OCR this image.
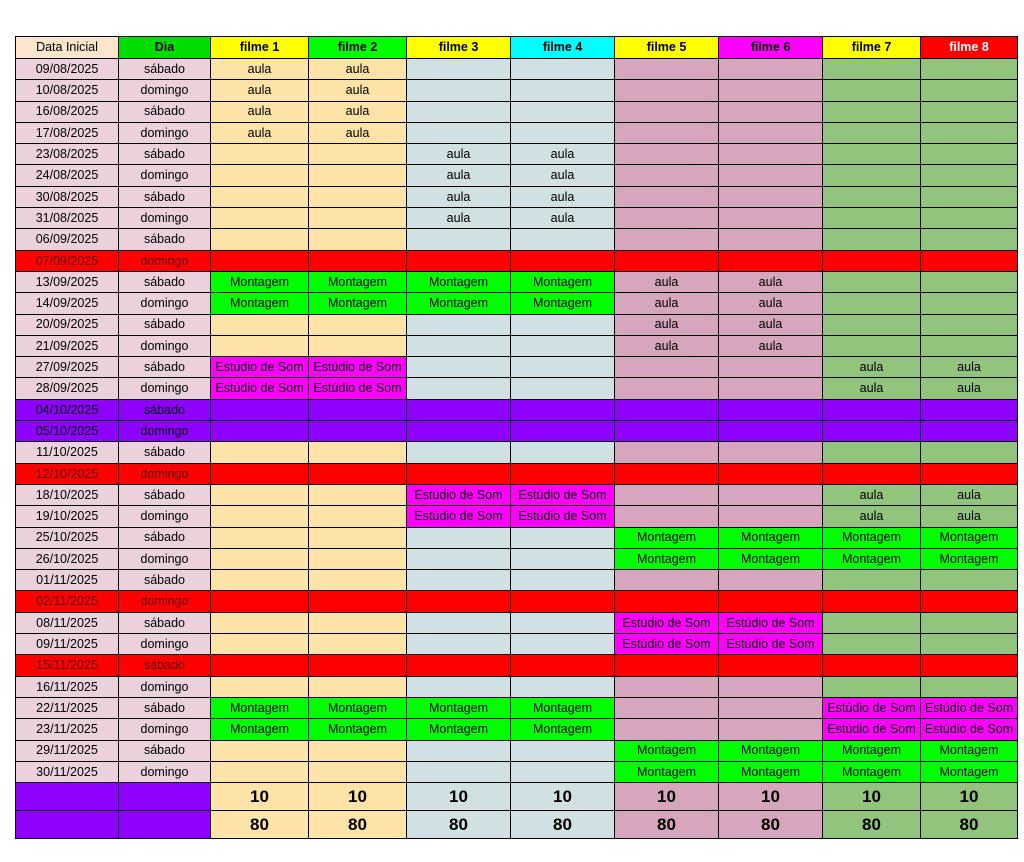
Data Inicial	Dia	filme 1	filme 2	filme 3	filme 4	filme 5	filme 6	filme 7	filme 8
09/08/2025	sábado	aula	aula						
10/08/2025	domingo	aula	aula						
16/08/2025	sábado	aula	aula						
17/08/2025	domingo	aula	aula						
23/08/2025	sábado			aula	aula				
24/08/2025	domingo			aula	aula				
30/08/2025	sábado			aula	aula				
31/08/2025	domingo			aula	aula				
06/09/2025	sábado								
07/09/2025	domingo								
13/09/2025	sábado	Montagem	Montagem	Montagem	Montagem	aula	aula		
14/09/2025	domingo	Montagem	Montagem	Montagem	Montagem	aula	aula		
20/09/2025	sábado					aula	aula		
21/09/2025	domingo					aula	aula		
27/09/2025	sábado	Estúdio de Som	Estúdio de Som					aula	aula
28/09/2025	domingo	Estúdio de Som	Estúdio de Som					aula	aula
04/10/2025	sábado								
05/10/2025	domingo								
11/10/2025	sábado								
12/10/2025	domingo								
18/10/2025	sábado			Estúdio de Som	Estúdio de Som			aula	aula
19/10/2025	domingo			Estúdio de Som	Estúdio de Som			aula	aula
25/10/2025	sábado					Montagem	Montagem	Montagem	Montagem
26/10/2025	domingo					Montagem	Montagem	Montagem	Montagem
01/11/2025	sábado								
02/11/2025	domingo								
08/11/2025	sábado					Estúdio de Som	Estúdio de Som		
09/11/2025	domingo					Estúdio de Som	Estúdio de Som		
15/11/2025	sábado								
16/11/2025	domingo								
22/11/2025	sábado	Montagem	Montagem	Montagem	Montagem			Estúdio de Som	Estúdio de Som
23/11/2025	domingo	Montagem	Montagem	Montagem	Montagem			Estúdio de Som	Estúdio de Som
29/11/2025	sábado					Montagem	Montagem	Montagem	Montagem
30/11/2025	domingo					Montagem	Montagem	Montagem	Montagem
		10	10	10	10	10	10	10	10
		80	80	80	80	80	80	80	80
